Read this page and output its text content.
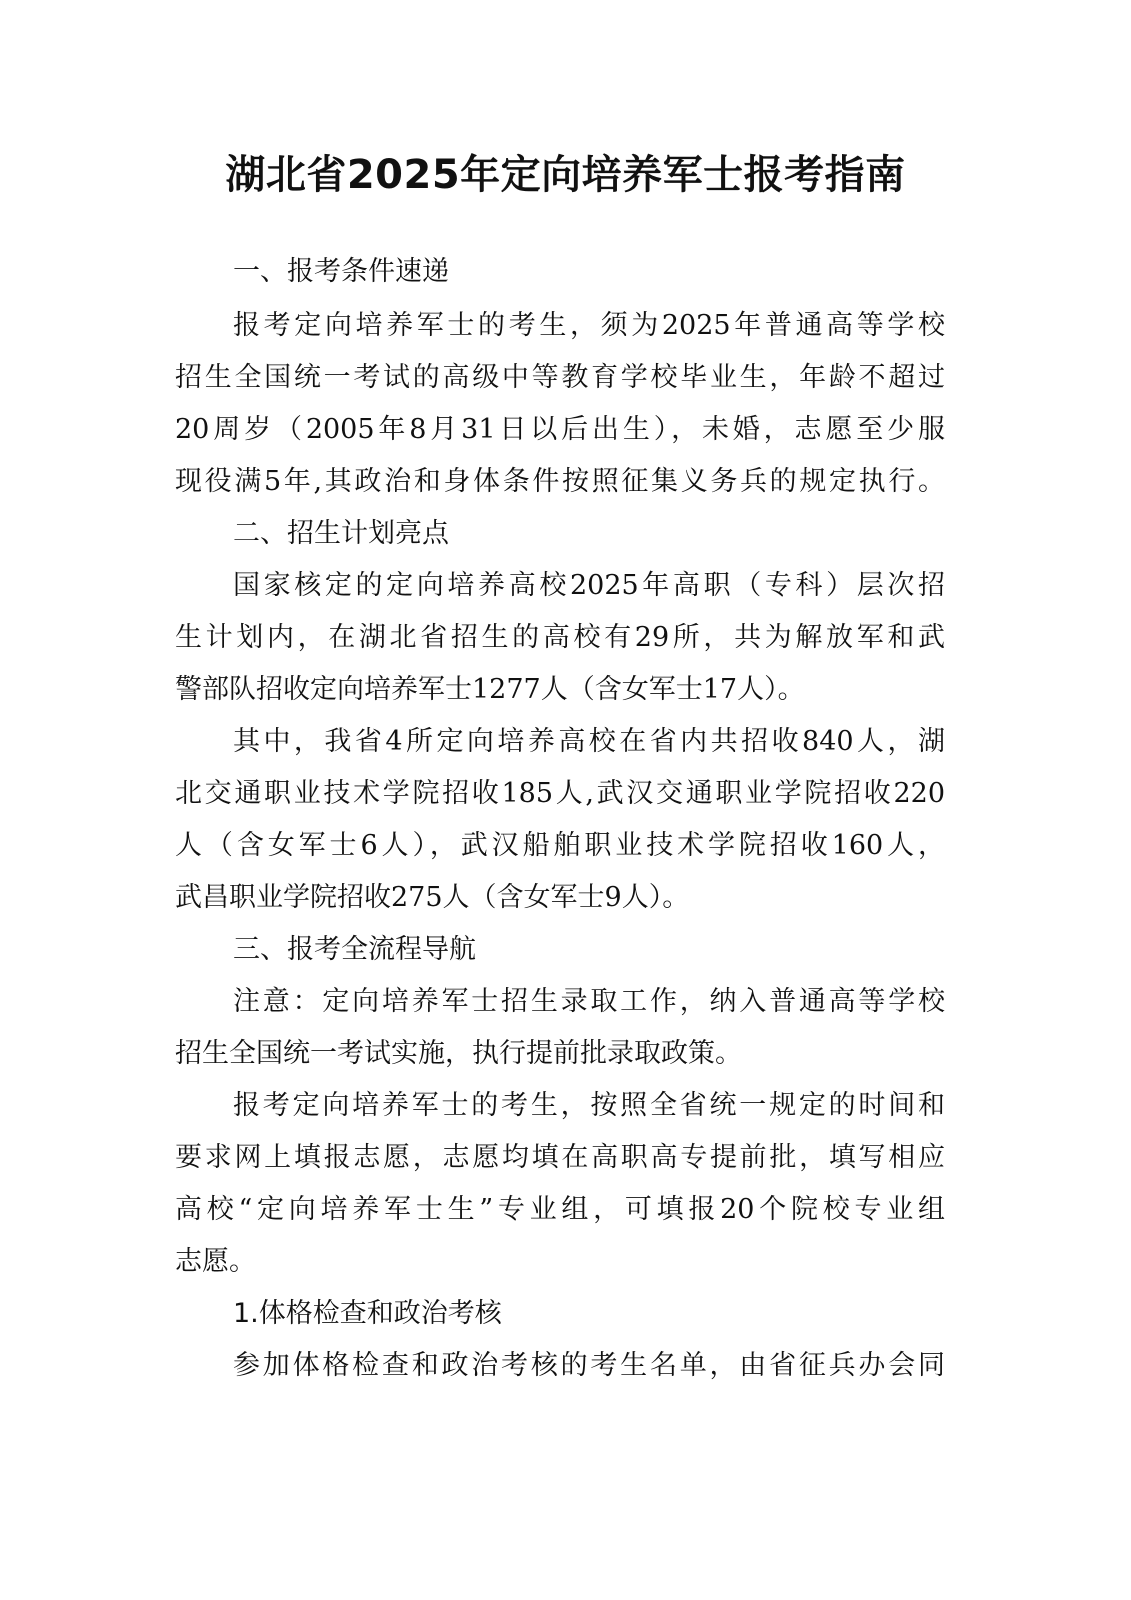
湖北省2025年定向培养军士报考指南
一、报考条件速递
报考定向培养军士的考生，须为2025年普通高等学校
招生全国统一考试的高级中等教育学校毕业生，年龄不超过
20周岁（2005年8月31日以后出生），未婚，志愿至少服
现役满5年,其政治和身体条件按照征集义务兵的规定执行。
二、招生计划亮点
国家核定的定向培养高校2025年高职（专科）层次招
生计划内，在湖北省招生的高校有29所，共为解放军和武
警部队招收定向培养军士1277人（含女军士17人）。
其中，我省4所定向培养高校在省内共招收840人，湖
北交通职业技术学院招收185人,武汉交通职业学院招收220
人（含女军士6人），武汉船舶职业技术学院招收160人，
武昌职业学院招收275人（含女军士9人）。
三、报考全流程导航
注意：定向培养军士招生录取工作，纳入普通高等学校
招生全国统一考试实施，执行提前批录取政策。
报考定向培养军士的考生，按照全省统一规定的时间和
要求网上填报志愿，志愿均填在高职高专提前批，填写相应
高校“定向培养军士生”专业组，可填报20个院校专业组
志愿。
1.体格检查和政治考核
参加体格检查和政治考核的考生名单，由省征兵办会同
